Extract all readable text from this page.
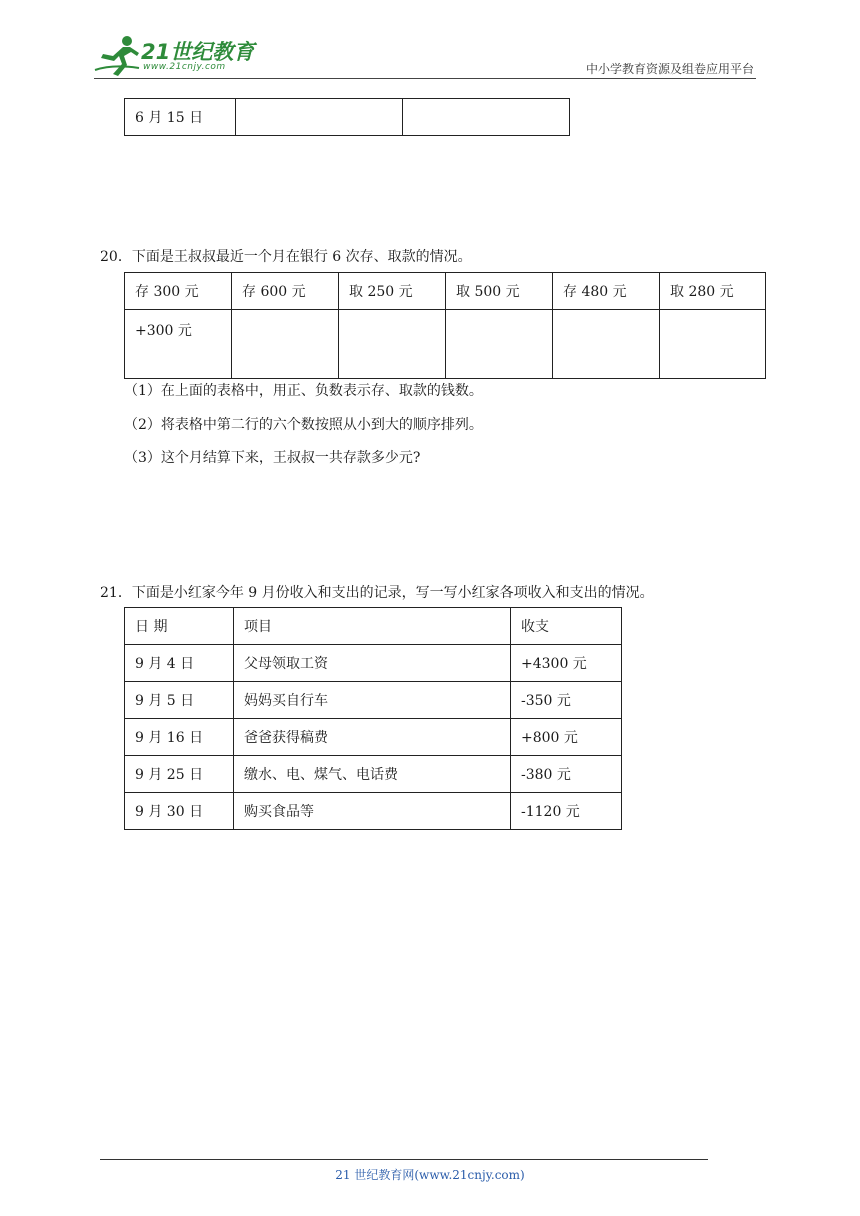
21世纪教育
www.21cnjy.com	中小学教育资源及组卷应用平台
6 月 15 日		
20．下面是王叔叔最近一个月在银行 6 次存、取款的情况。
存 300 元	存 600 元	取 250 元	取 500 元	存 480 元	取 280 元
+300 元					
（1）在上面的表格中，用正、负数表示存、取款的钱数。
（2）将表格中第二行的六个数按照从小到大的顺序排列。
（3）这个月结算下来，王叔叔一共存款多少元?
21．下面是小红家今年 9 月份收入和支出的记录，写一写小红家各项收入和支出的情况。
日 期	项目	收支
9 月 4 日	父母领取工资	+4300 元
9 月 5 日	妈妈买自行车	-350 元
9 月 16 日	爸爸获得稿费	+800 元
9 月 25 日	缴水、电、煤气、电话费	-380 元
9 月 30 日	购买食品等	-1120 元
21 世纪教育网(www.21cnjy.com)
